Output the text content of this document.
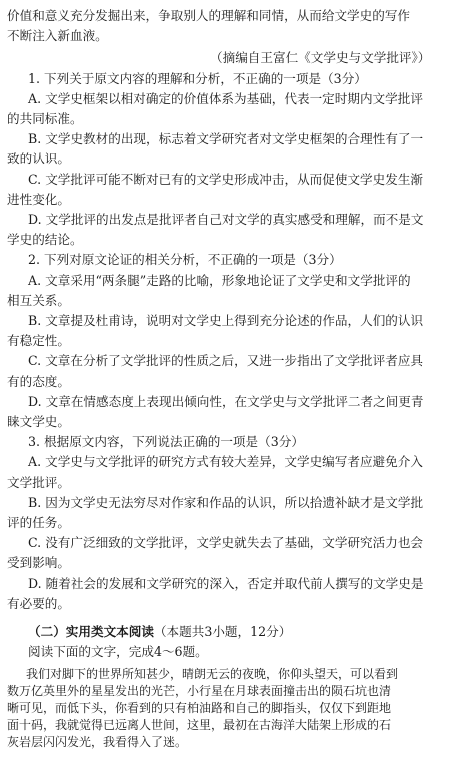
价值和意义充分发掘出来，争取别人的理解和同情，从而给文学史的写作
不断注入新血液。
（摘编自王富仁《文学史与文学批评》）
1. 下列关于原文内容的理解和分析，不正确的一项是（3分）
A. 文学史框架以相对确定的价值体系为基础，代表一定时期内文学批评
的共同标准。
B. 文学史教材的出现，标志着文学研究者对文学史框架的合理性有了一
致的认识。
C. 文学批评可能不断对已有的文学史形成冲击，从而促使文学史发生渐
进性变化。
D. 文学批评的出发点是批评者自己对文学的真实感受和理解，而不是文
学史的结论。
2. 下列对原文论证的相关分析，不正确的一项是（3分）
A. 文章采用“两条腿”走路的比喻，形象地论证了文学史和文学批评的
相互关系。
B. 文章提及杜甫诗，说明对文学史上得到充分论述的作品，人们的认识
有稳定性。
C. 文章在分析了文学批评的性质之后，又进一步指出了文学批评者应具
有的态度。
D. 文章在情感态度上表现出倾向性，在文学史与文学批评二者之间更青
睐文学史。
3. 根据原文内容，下列说法正确的一项是（3分）
A. 文学史与文学批评的研究方式有较大差异，文学史编写者应避免介入
文学批评。
B. 因为文学史无法穷尽对作家和作品的认识，所以拾遗补缺才是文学批
评的任务。
C. 没有广泛细致的文学批评，文学史就失去了基础，文学研究活力也会
受到影响。
D. 随着社会的发展和文学研究的深入，否定并取代前人撰写的文学史是
有必要的。
（二）实用类文本阅读（本题共3小题，12分）
阅读下面的文字，完成4～6题。
我们对脚下的世界所知甚少，晴朗无云的夜晚，你仰头望天，可以看到
数万亿英里外的星星发出的光芒，小行星在月球表面撞击出的陨石坑也清
晰可见，而低下头，你看到的只有柏油路和自己的脚指头，仅仅下到距地
面十码，我就觉得已远离人世间，这里，最初在古海洋大陆架上形成的石
灰岩层闪闪发光，我看得入了迷。
